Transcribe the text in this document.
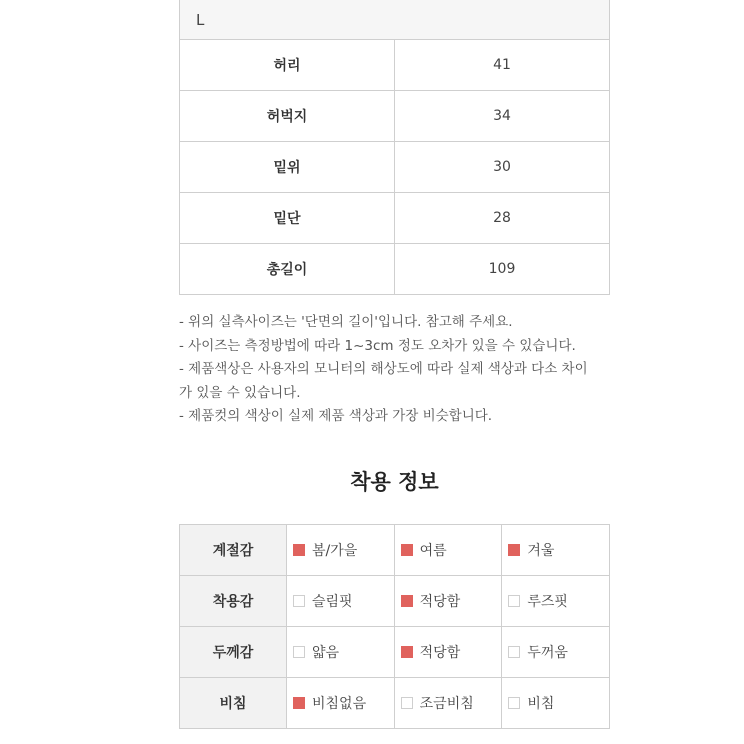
L	
허리	41
허벅지	34
밑위	30
밑단	28
총길이	109

- 위의 실측사이즈는 '단면의 길이'입니다. 참고해 주세요.

- 사이즈는 측정방법에 따라 1~3cm 정도 오차가 있을 수 있습니다.

- 제품색상은 사용자의 모니터의 해상도에 따라 실제 색상과 다소 차이
가 있을 수 있습니다.

- 제품컷의 색상이 실제 제품 색상과 가장 비슷합니다.

착용 정보
계절감	봄/가을	여름	겨울
착용감	슬림핏	적당함	루즈핏
두께감	얇음	적당함	두꺼움
비침	비침없음	조금비침	비침
